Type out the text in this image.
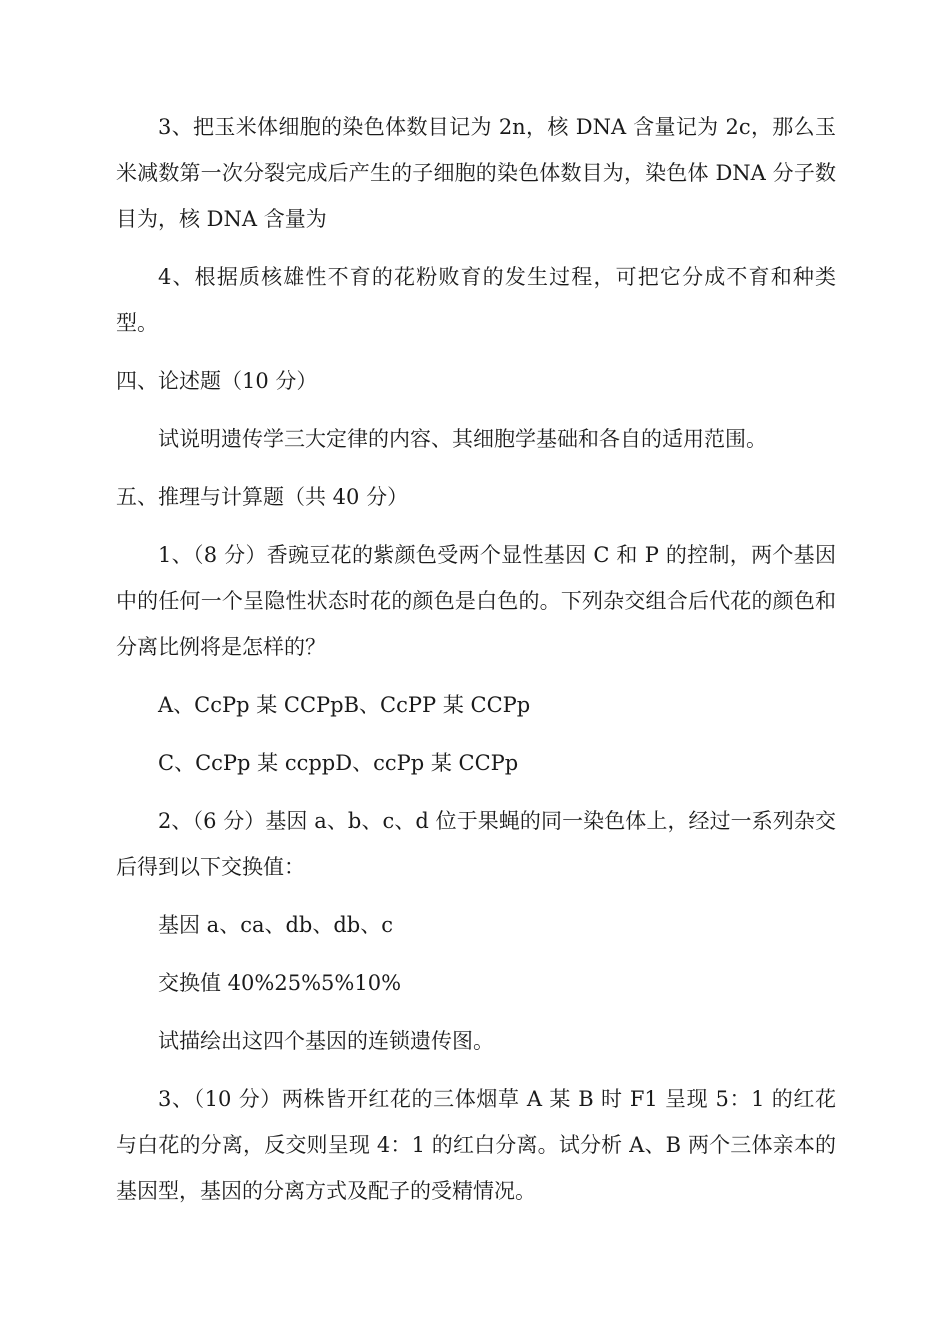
3、把玉米体细胞的染色体数目记为 2n，核 DNA 含量记为 2c，那么玉米减数第一次分裂完成后产生的子细胞的染色体数目为，染色体 DNA 分子数目为，核 DNA 含量为

4、根据质核雄性不育的花粉败育的发生过程，可把它分成不育和种类型。

四、论述题（10 分）

试说明遗传学三大定律的内容、其细胞学基础和各自的适用范围。

五、推理与计算题（共 40 分）

1、（8 分）香豌豆花的紫颜色受两个显性基因 C 和 P 的控制，两个基因中的任何一个呈隐性状态时花的颜色是白色的。下列杂交组合后代花的颜色和分离比例将是怎样的？

A、CcPp 某 CCPpB、CcPP 某 CCPp

C、CcPp 某 ccppD、ccPp 某 CCPp

2、（6 分）基因 a、b、c、d 位于果蝇的同一染色体上，经过一系列杂交后得到以下交换值：

基因 a、ca、db、db、c

交换值 40%25%5%10%

试描绘出这四个基因的连锁遗传图。

3、（10 分）两株皆开红花的三体烟草 A 某 B 时 F1 呈现 5：1 的红花与白花的分离，反交则呈现 4：1 的红白分离。试分析 A、B 两个三体亲本的基因型，基因的分离方式及配子的受精情况。
